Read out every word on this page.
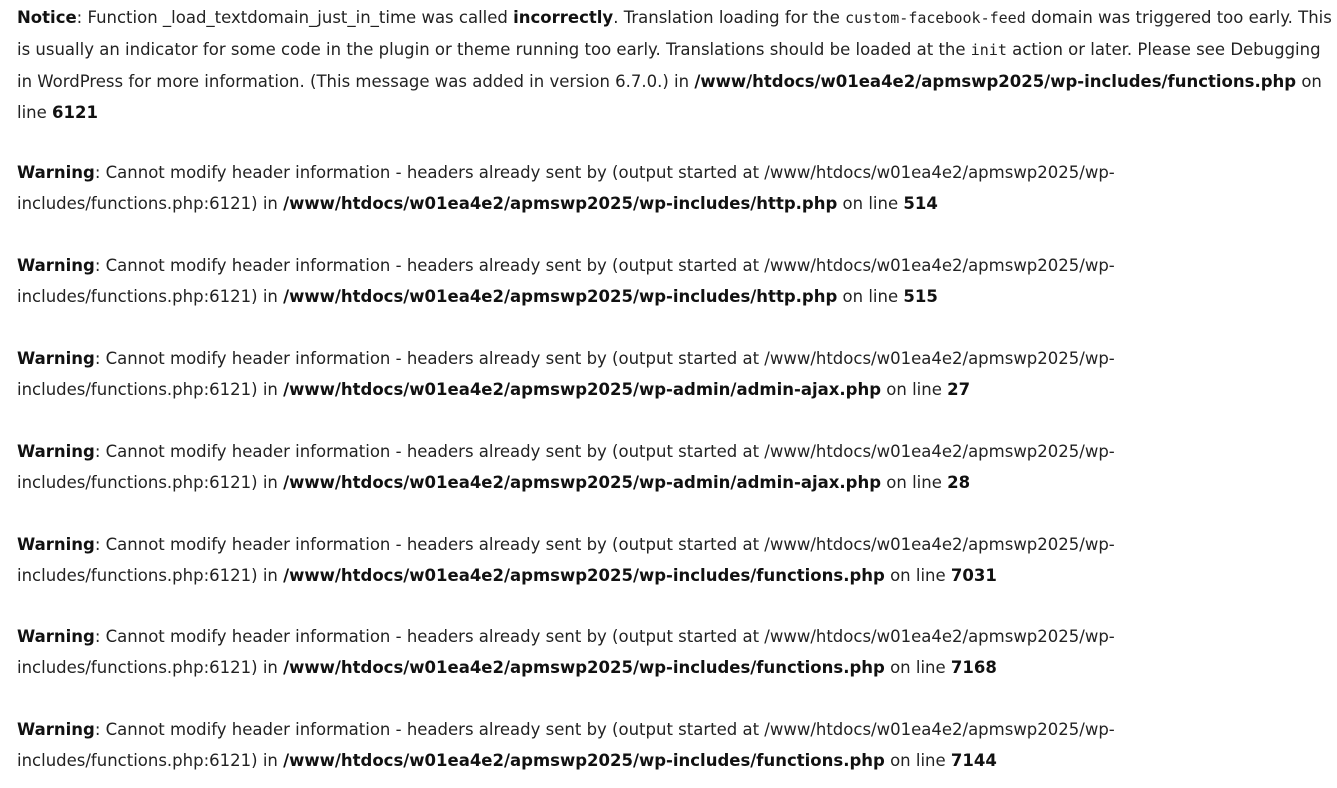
Notice: Function _load_textdomain_just_in_time was called incorrectly. Translation loading for the custom-facebook-feed domain was triggered too early. This is usually an indicator for some code in the plugin or theme running too early. Translations should be loaded at the init action or later. Please see Debugging in WordPress for more information. (This message was added in version 6.7.0.) in /www/htdocs/w01ea4e2/apmswp2025/wp-includes/functions.php on line 6121

Warning: Cannot modify header information - headers already sent by (output started at /www/htdocs/w01ea4e2/apmswp2025/wp-includes/functions.php:6121) in /www/htdocs/w01ea4e2/apmswp2025/wp-includes/http.php on line 514

Warning: Cannot modify header information - headers already sent by (output started at /www/htdocs/w01ea4e2/apmswp2025/wp-includes/functions.php:6121) in /www/htdocs/w01ea4e2/apmswp2025/wp-includes/http.php on line 515

Warning: Cannot modify header information - headers already sent by (output started at /www/htdocs/w01ea4e2/apmswp2025/wp-includes/functions.php:6121) in /www/htdocs/w01ea4e2/apmswp2025/wp-admin/admin-ajax.php on line 27

Warning: Cannot modify header information - headers already sent by (output started at /www/htdocs/w01ea4e2/apmswp2025/wp-includes/functions.php:6121) in /www/htdocs/w01ea4e2/apmswp2025/wp-admin/admin-ajax.php on line 28

Warning: Cannot modify header information - headers already sent by (output started at /www/htdocs/w01ea4e2/apmswp2025/wp-includes/functions.php:6121) in /www/htdocs/w01ea4e2/apmswp2025/wp-includes/functions.php on line 7031

Warning: Cannot modify header information - headers already sent by (output started at /www/htdocs/w01ea4e2/apmswp2025/wp-includes/functions.php:6121) in /www/htdocs/w01ea4e2/apmswp2025/wp-includes/functions.php on line 7168

Warning: Cannot modify header information - headers already sent by (output started at /www/htdocs/w01ea4e2/apmswp2025/wp-includes/functions.php:6121) in /www/htdocs/w01ea4e2/apmswp2025/wp-includes/functions.php on line 7144
